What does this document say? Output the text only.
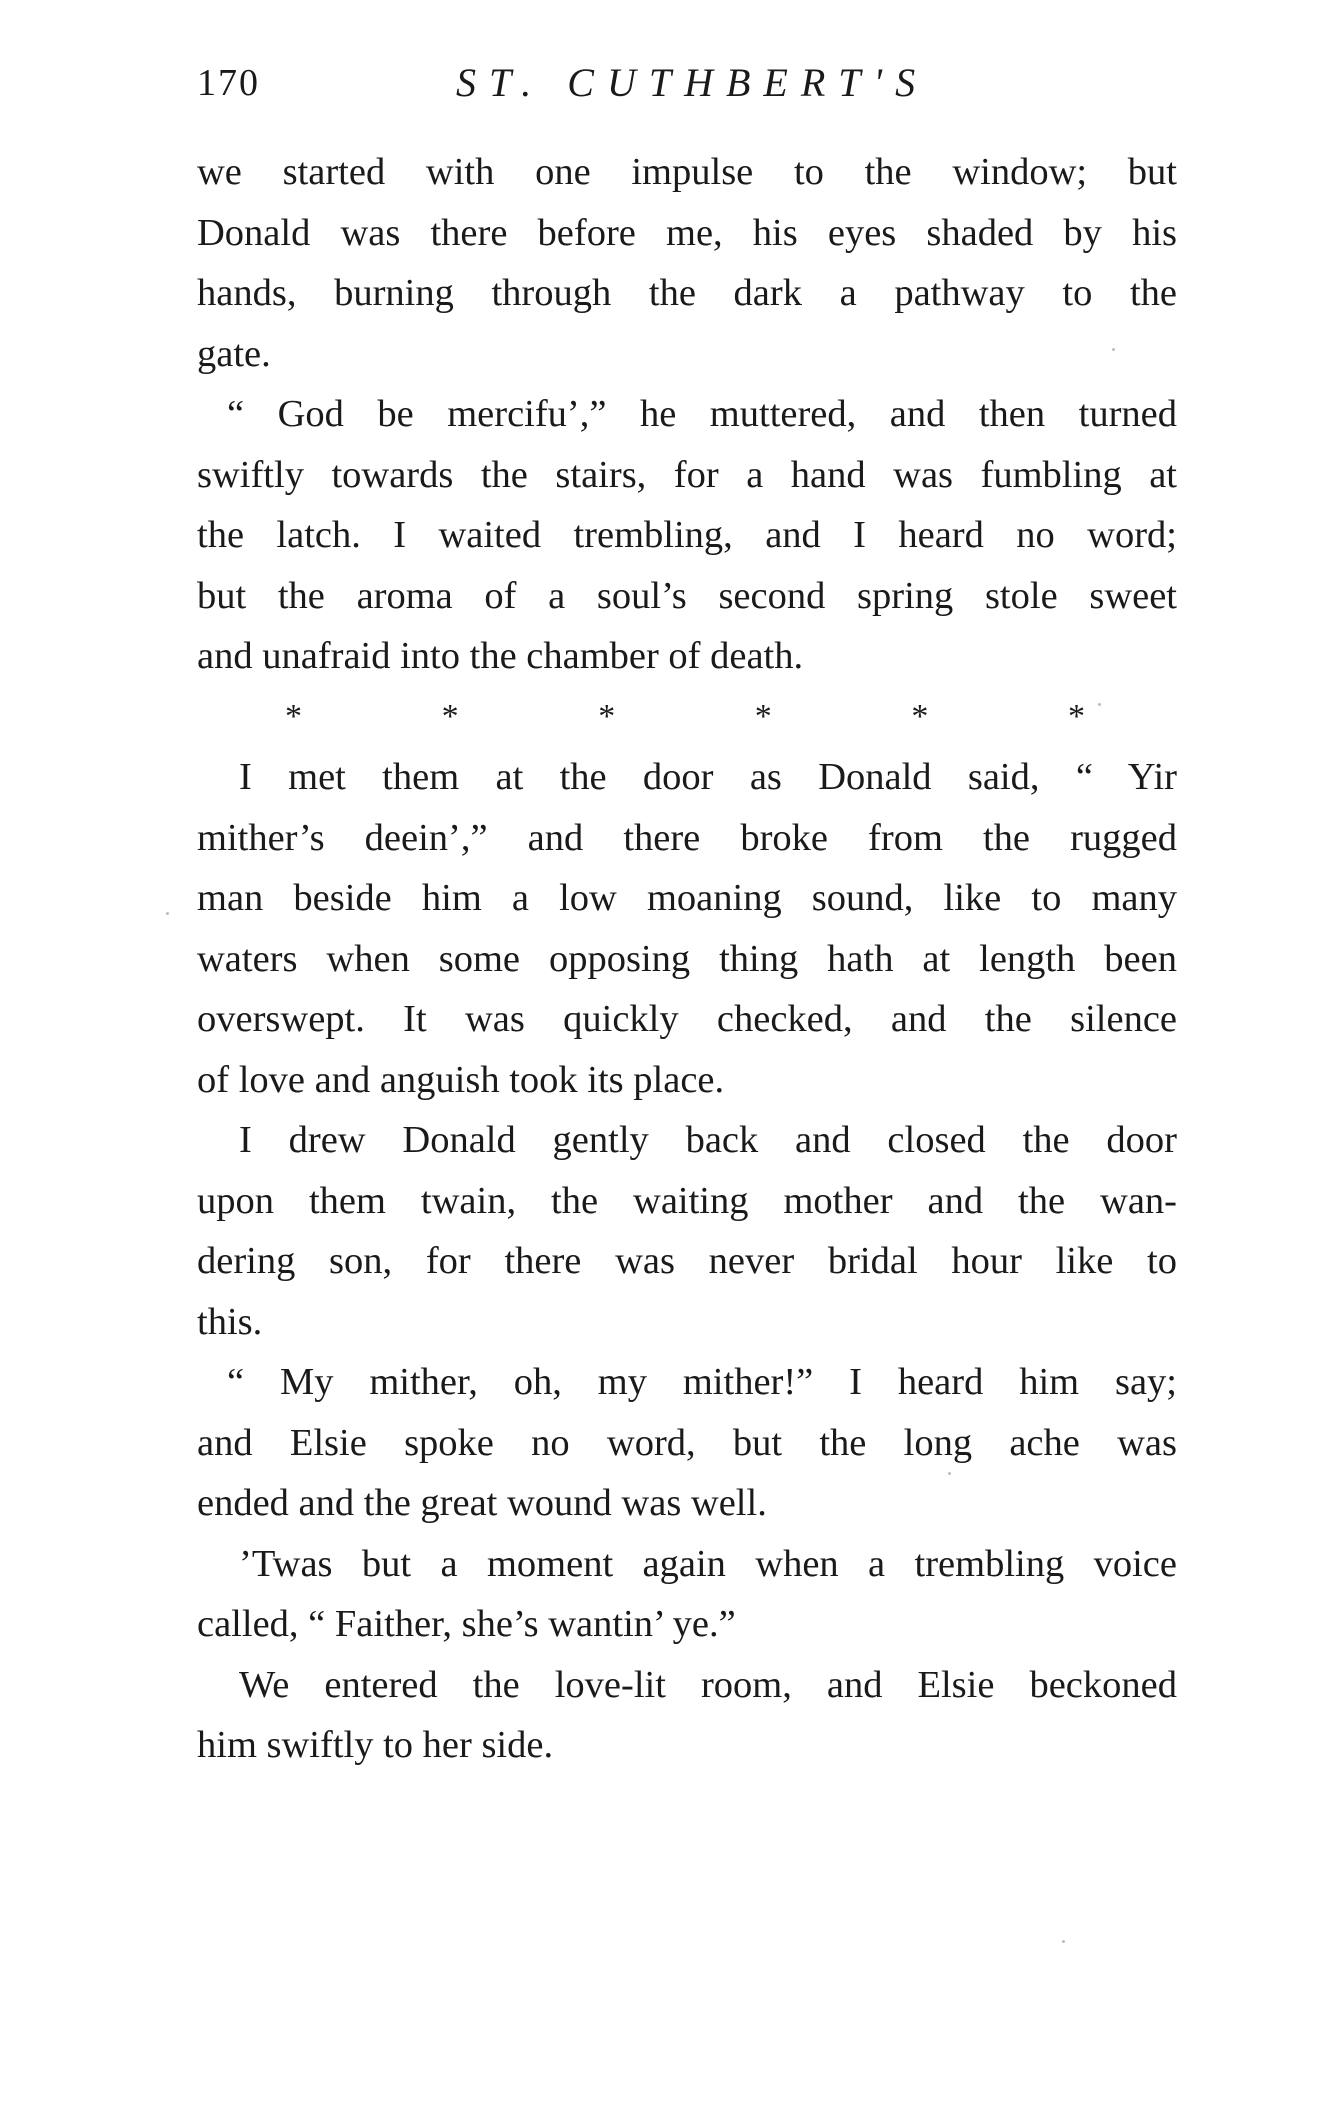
170	ST. CUTHBERT'S
we started with one impulse to the window; but
Donald was there before me, his eyes shaded by his
hands, burning through the dark a pathway to the
gate.
“ God be mercifu’,” he muttered, and then turned
swiftly towards the stairs, for a hand was fumbling at
the latch. I waited trembling, and I heard no word;
but the aroma of a soul’s second spring stole sweet
and unafraid into the chamber of death.
*	*	*	*	*	*
I met them at the door as Donald said, “ Yir
mither’s deein’,” and there broke from the rugged
man beside him a low moaning sound, like to many
waters when some opposing thing hath at length been
overswept. It was quickly checked, and the silence
of love and anguish took its place.
I drew Donald gently back and closed the door
upon them twain, the waiting mother and the wan-
dering son, for there was never bridal hour like to
this.
“ My mither, oh, my mither!” I heard him say;
and Elsie spoke no word, but the long ache was
ended and the great wound was well.
’Twas but a moment again when a trembling voice
called, “ Faither, she’s wantin’ ye.”
We entered the love-lit room, and Elsie beckoned
him swiftly to her side.
